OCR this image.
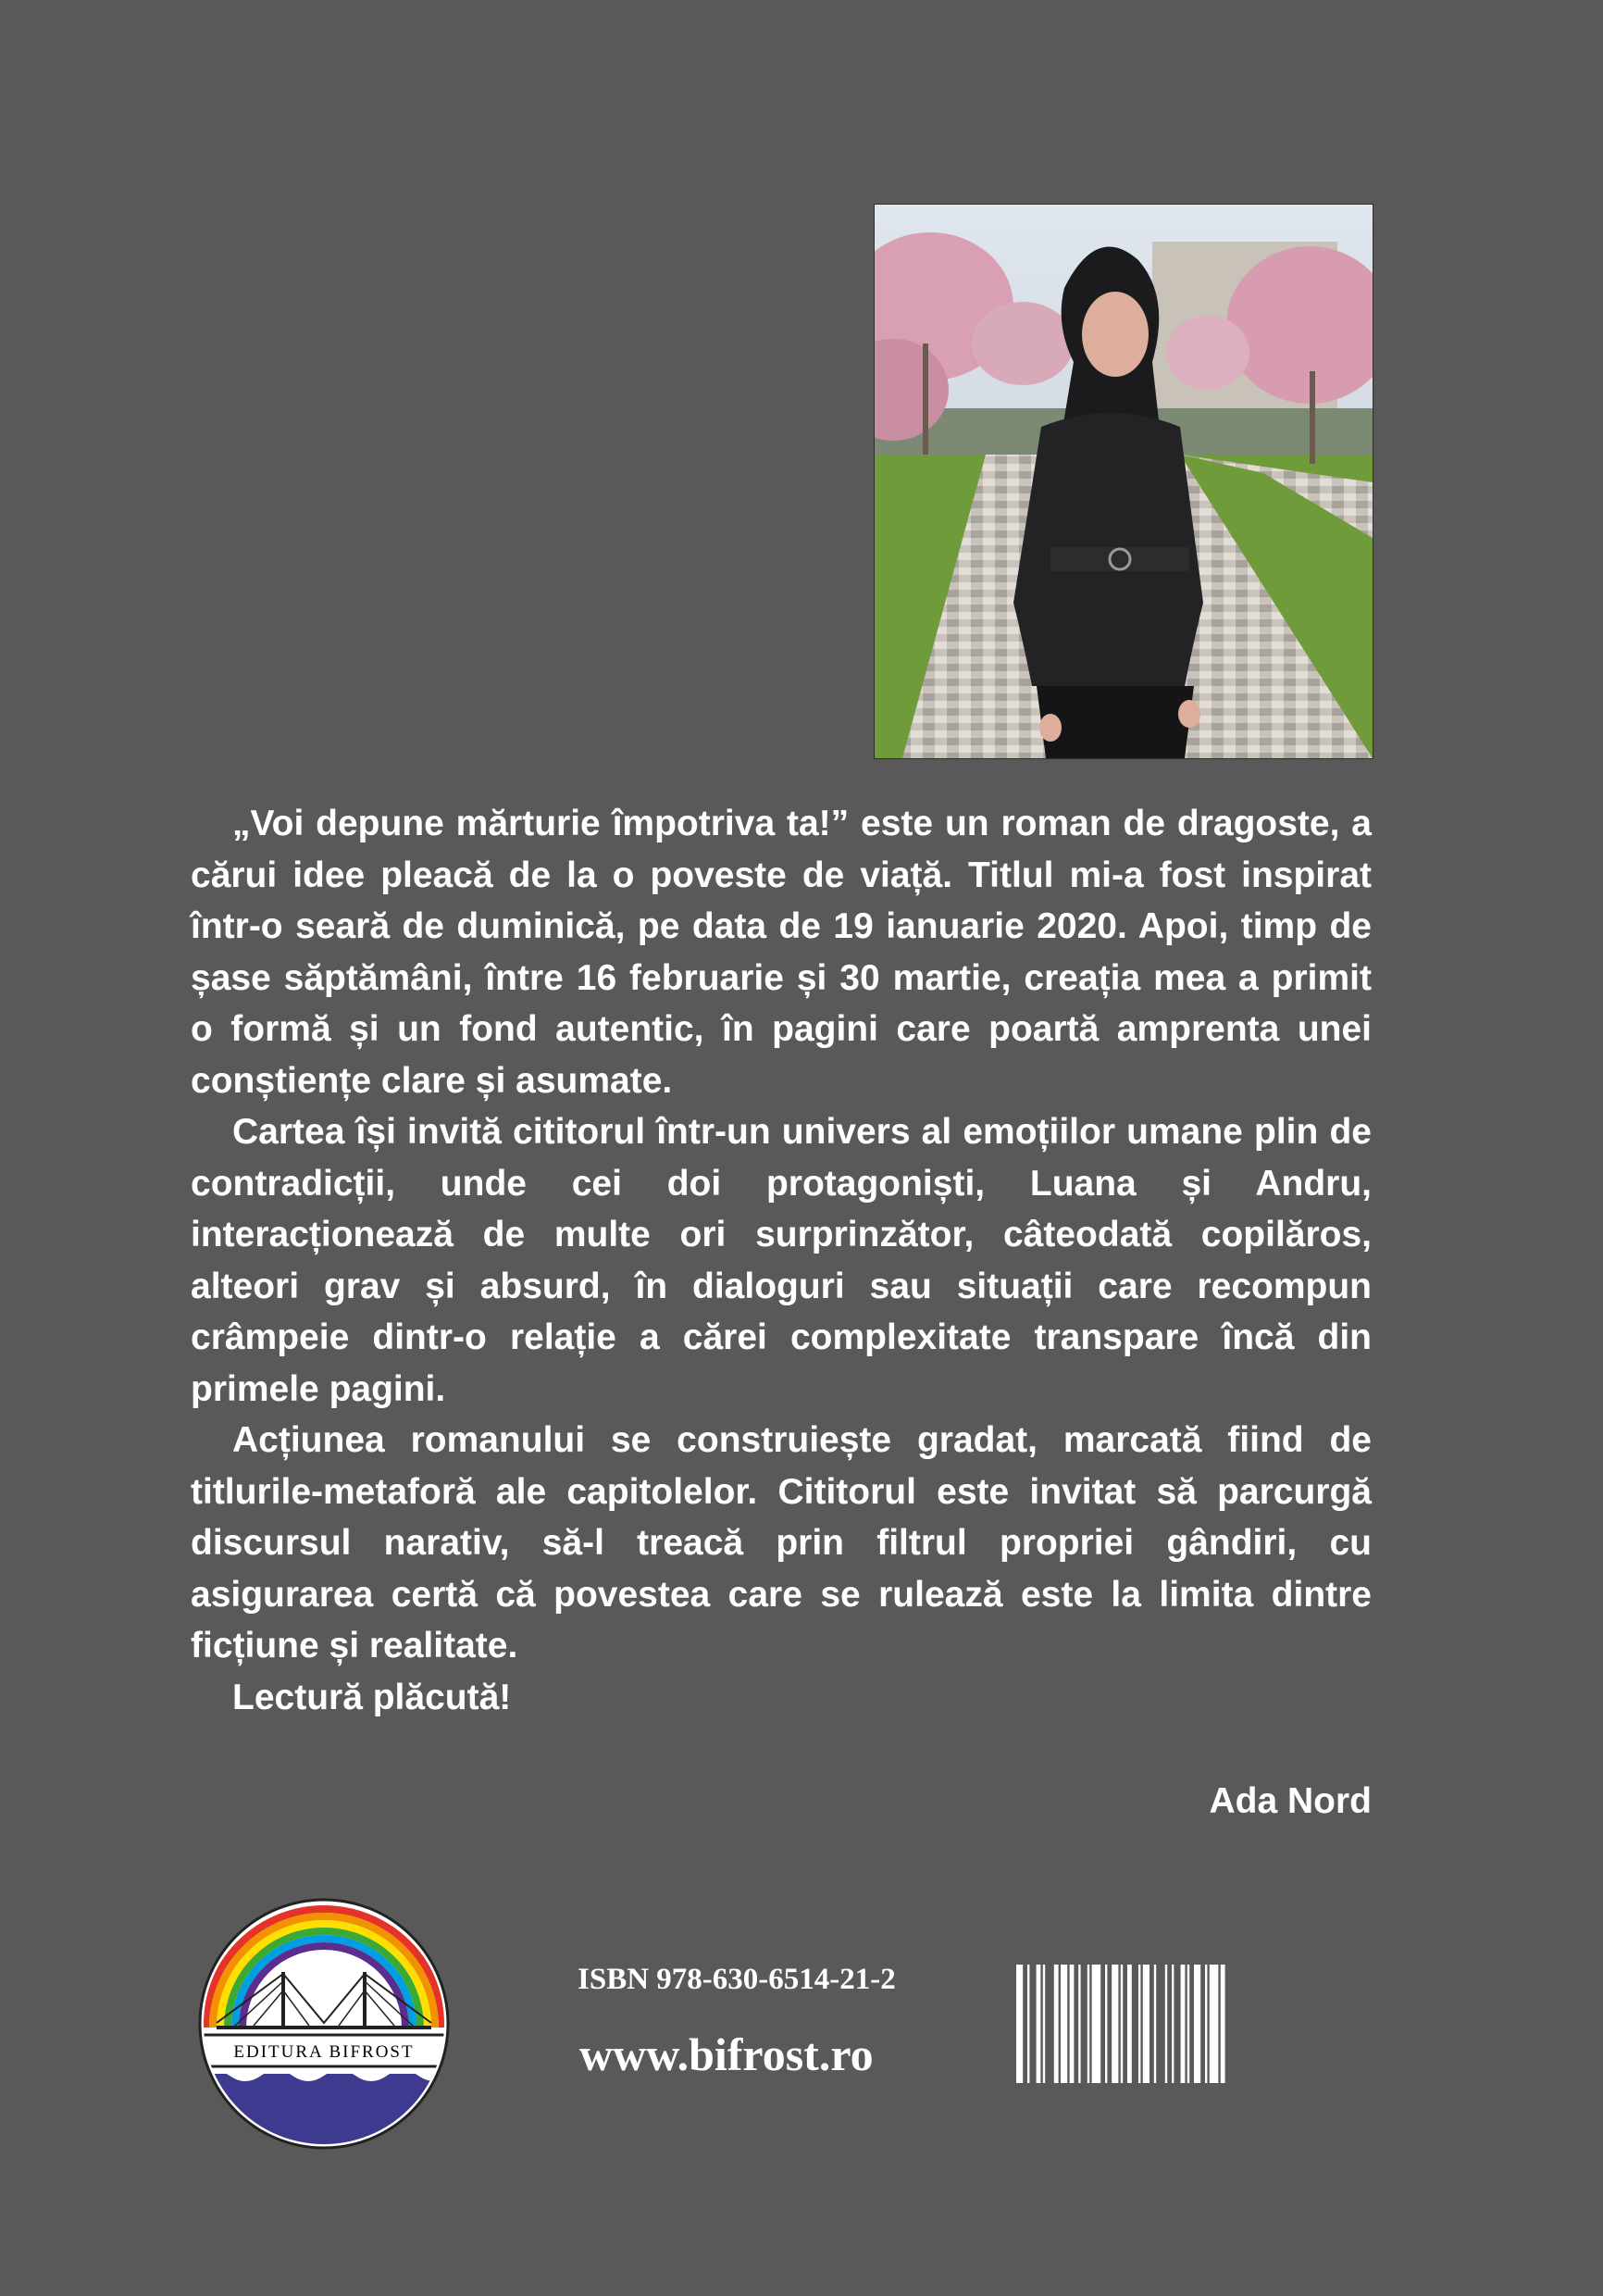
„Voi depune mărturie împotriva ta!” este un roman de dragoste, a cărui idee pleacă de la o poveste de viață. Titlul mi-a fost inspirat într-o seară de duminică, pe data de 19 ianuarie 2020. Apoi, timp de șase săptămâni, între 16 februarie și 30 martie, creația mea a primit o formă și un fond autentic, în pagini care poartă amprenta unei conștiențe clare și asumate.

Cartea își invită cititorul într-un univers al emoțiilor umane plin de contradicții, unde cei doi protagoniști, Luana și Andru, interacționează de multe ori surprinzător, câteodată copilăros, alteori grav și absurd, în dialoguri sau situații care recompun crâmpeie dintr-o relație a cărei complexitate transpare încă din primele pagini.

Acțiunea romanului se construiește gradat, marcată fiind de titlurile-metaforă ale capitolelor. Cititorul este invitat să parcurgă discursul narativ, să-l treacă prin filtrul propriei gândiri, cu asigurarea certă că povestea care se rulează este la limita dintre ficțiune și realitate.

Lectură plăcută!

Ada Nord
EDITURA BIFROST
ISBN 978-630-6514-21-2
www.bifrost.ro
